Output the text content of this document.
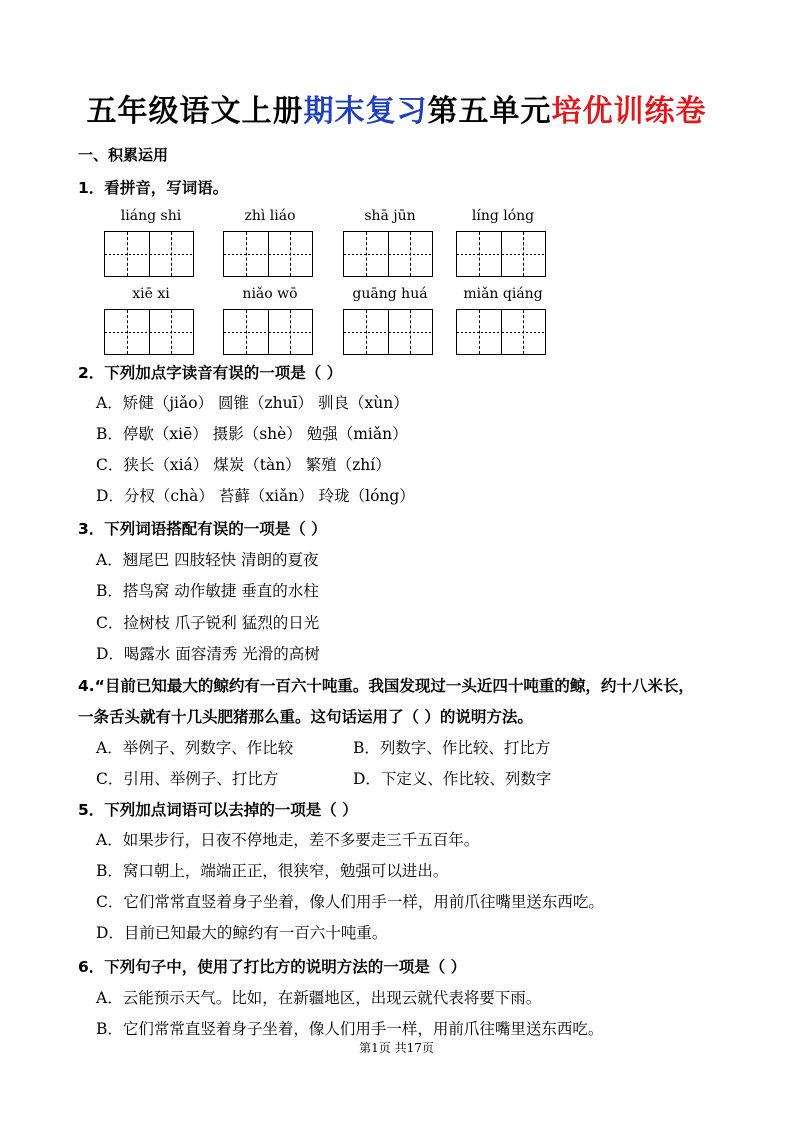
五年级语文上册期末复习第五单元培优训练卷
一、积累运用
1．看拼音，写词语。
liáng shi	zhì liáo	shā jūn	líng lóng
xiē xi	niǎo wō	guāng huá	miǎn qiáng
2．下列加点字读音有误的一项是（ ）
A．矫健（jiǎo） 圆锥（zhuī） 驯良（xùn）
B．停歇（xiē） 摄影（shè） 勉强（miǎn）
C．狭长（xiá） 煤炭（tàn） 繁殖（zhí）
D．分杈（chà） 苔藓（xiǎn） 玲珑（lóng）
3．下列词语搭配有误的一项是（ ）
A．翘尾巴 四肢轻快 清朗的夏夜
B．搭鸟窝 动作敏捷 垂直的水柱
C．捡树枝 爪子锐利 猛烈的日光
D．喝露水 面容清秀 光滑的高树
4.“目前已知最大的鲸约有一百六十吨重。我国发现过一头近四十吨重的鲸，约十八米长，
一条舌头就有十几头肥猪那么重。这句话运用了（ ）的说明方法。
A．举例子、列数字、作比较	B．列数字、作比较、打比方
C．引用、举例子、打比方	D．下定义、作比较、列数字
5．下列加点词语可以去掉的一项是（ ）
A．如果步行，日夜不停地走，差不多要走三千五百年。
B．窝口朝上，端端正正，很狭窄，勉强可以进出。
C．它们常常直竖着身子坐着，像人们用手一样，用前爪往嘴里送东西吃。
D．目前已知最大的鲸约有一百六十吨重。
6．下列句子中，使用了打比方的说明方法的一项是（ ）
A．云能预示天气。比如，在新疆地区，出现云就代表将要下雨。
B．它们常常直竖着身子坐着，像人们用手一样，用前爪往嘴里送东西吃。
第1页 共17页
